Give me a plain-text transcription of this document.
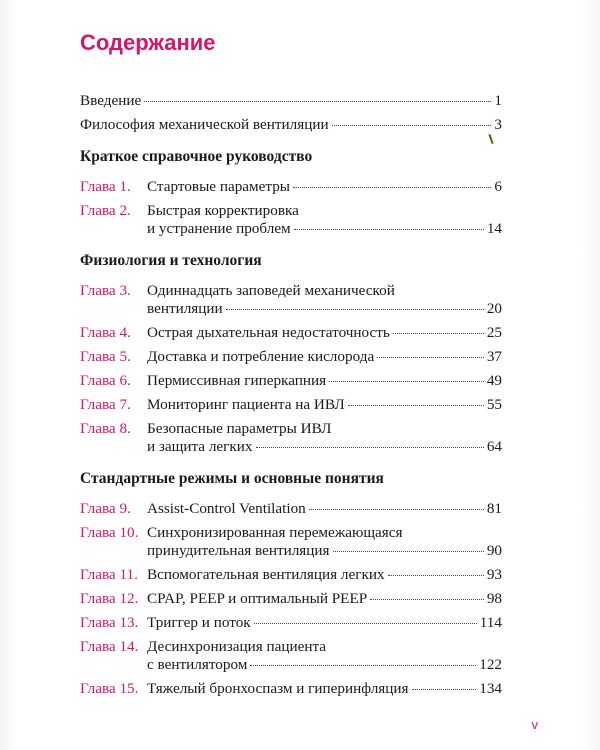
Содержание
Введение	1
Философия механической вентиляции	3
Краткое справочное руководство
Глава 1.	Стартовые параметры	6
Глава 2.	Быстрая корректировка
и устранение проблем	14
Физиология и технология
Глава 3.	Одиннадцать заповедей механической
вентиляции	20
Глава 4.	Острая дыхательная недостаточность	25
Глава 5.	Доставка и потребление кислорода	37
Глава 6.	Пермиссивная гиперкапния	49
Глава 7.	Мониторинг пациента на ИВЛ	55
Глава 8.	Безопасные параметры ИВЛ
и защита легких	64
Стандартные режимы и основные понятия
Глава 9.	Assist-Control Ventilation	81
Глава 10. Синхронизированная перемежающаяся
принудительная вентиляция	90
Глава 11. Вспомогательная вентиляция легких	93
Глава 12. CPAP, PEEP и оптимальный PEEP	98
Глава 13. Триггер и поток	114
Глава 14. Десинхронизация пациента
с вентилятором	122
Глава 15. Тяжелый бронхоспазм и гиперинфляция	134
v
